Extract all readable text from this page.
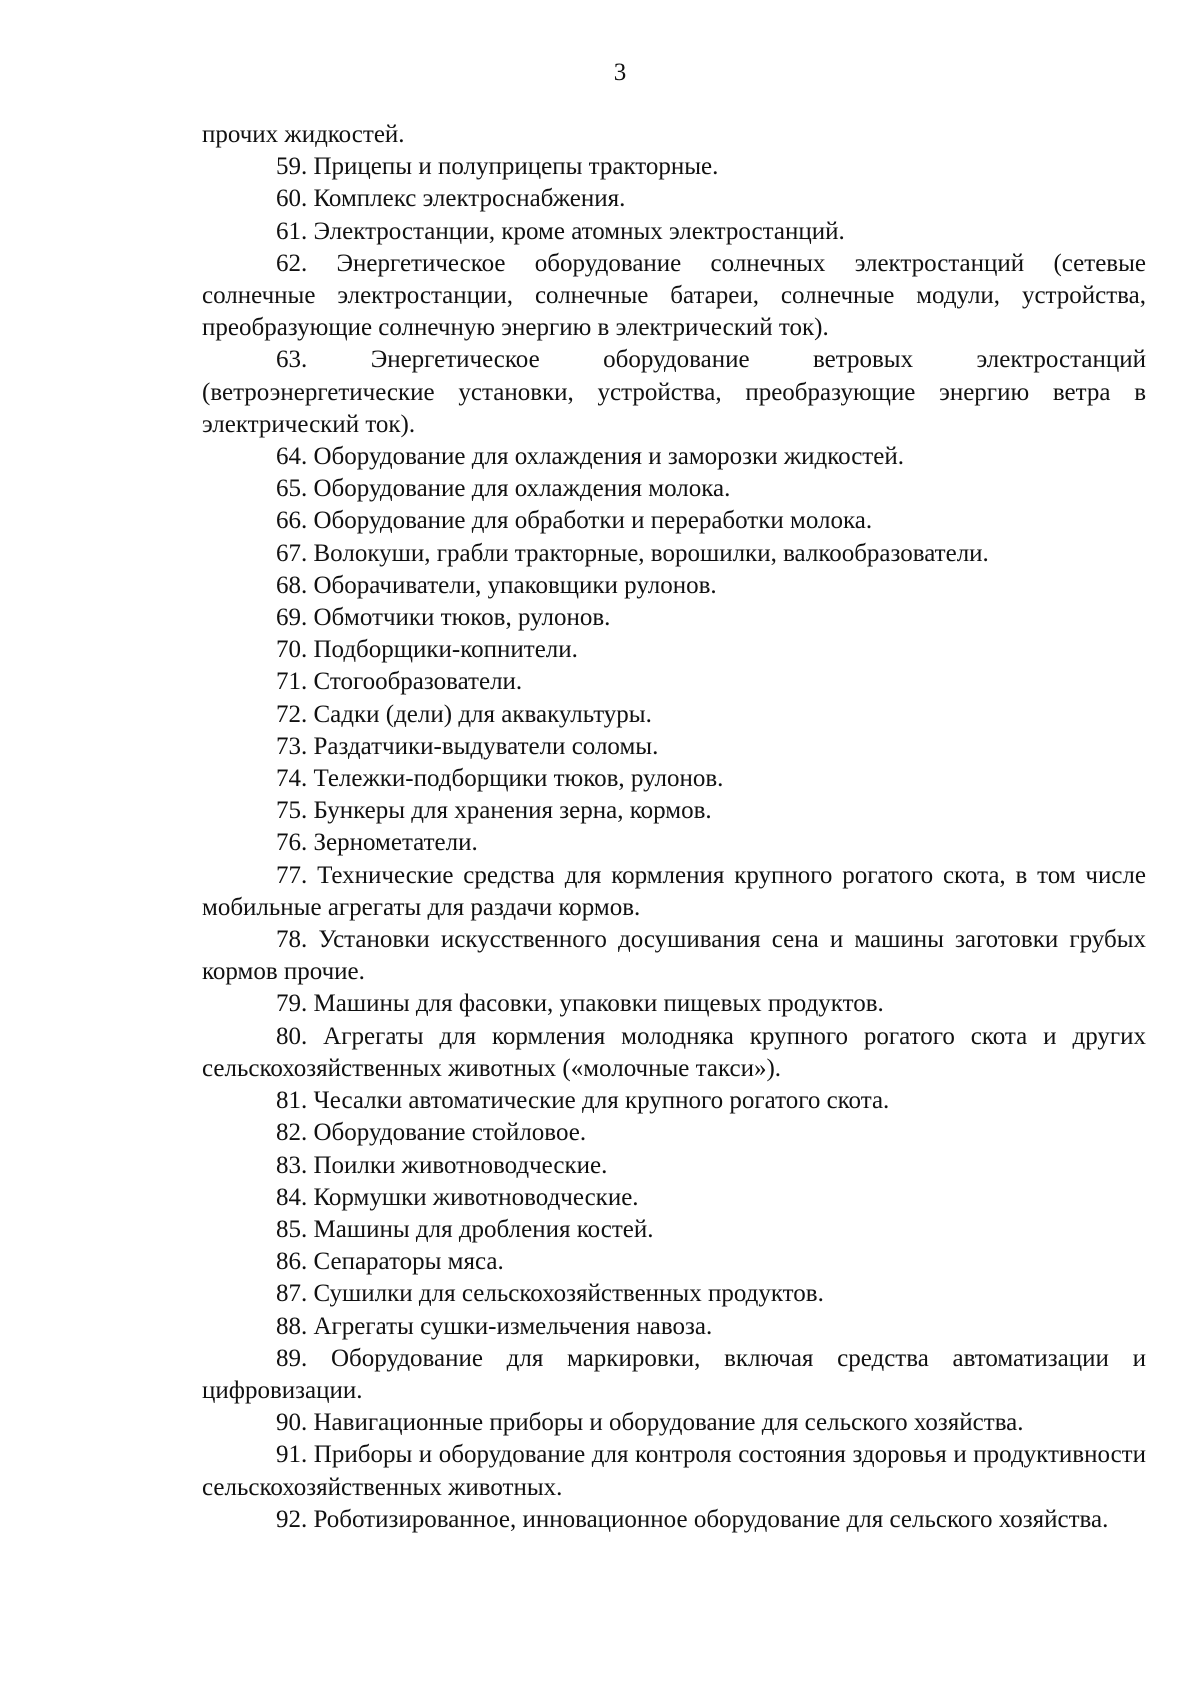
3

прочих жидкостей.

59. Прицепы и полуприцепы тракторные.

60. Комплекс электроснабжения.

61. Электростанции, кроме атомных электростанций.

62. Энергетическое оборудование солнечных электростанций (сетевые солнечные электростанции, солнечные батареи, солнечные модули, устройства, преобразующие солнечную энергию в электрический ток).

63. Энергетическое оборудование ветровых электростанций (ветроэнергетические установки, устройства, преобразующие энергию ветра в электрический ток).

64. Оборудование для охлаждения и заморозки жидкостей.

65. Оборудование для охлаждения молока.

66. Оборудование для обработки и переработки молока.

67. Волокуши, грабли тракторные, ворошилки, валкообразователи.

68. Оборачиватели, упаковщики рулонов.

69. Обмотчики тюков, рулонов.

70. Подборщики-копнители.

71. Стогообразователи.

72. Садки (дели) для аквакультуры.

73. Раздатчики-выдуватели соломы.

74. Тележки-подборщики тюков, рулонов.

75. Бункеры для хранения зерна, кормов.

76. Зернометатели.

77. Технические средства для кормления крупного рогатого скота, в том числе мобильные агрегаты для раздачи кормов.

78. Установки искусственного досушивания сена и машины заготовки грубых кормов прочие.

79. Машины для фасовки, упаковки пищевых продуктов.

80. Агрегаты для кормления молодняка крупного рогатого скота и других сельскохозяйственных животных («молочные такси»).

81. Чесалки автоматические для крупного рогатого скота.

82. Оборудование стойловое.

83. Поилки животноводческие.

84. Кормушки животноводческие.

85. Машины для дробления костей.

86. Сепараторы мяса.

87. Сушилки для сельскохозяйственных продуктов.

88. Агрегаты сушки-измельчения навоза.

89. Оборудование для маркировки, включая средства автоматизации и цифровизации.

90. Навигационные приборы и оборудование для сельского хозяйства.

91. Приборы и оборудование для контроля состояния здоровья и продуктивности сельскохозяйственных животных.

92. Роботизированное, инновационное оборудование для сельского хозяйства.
